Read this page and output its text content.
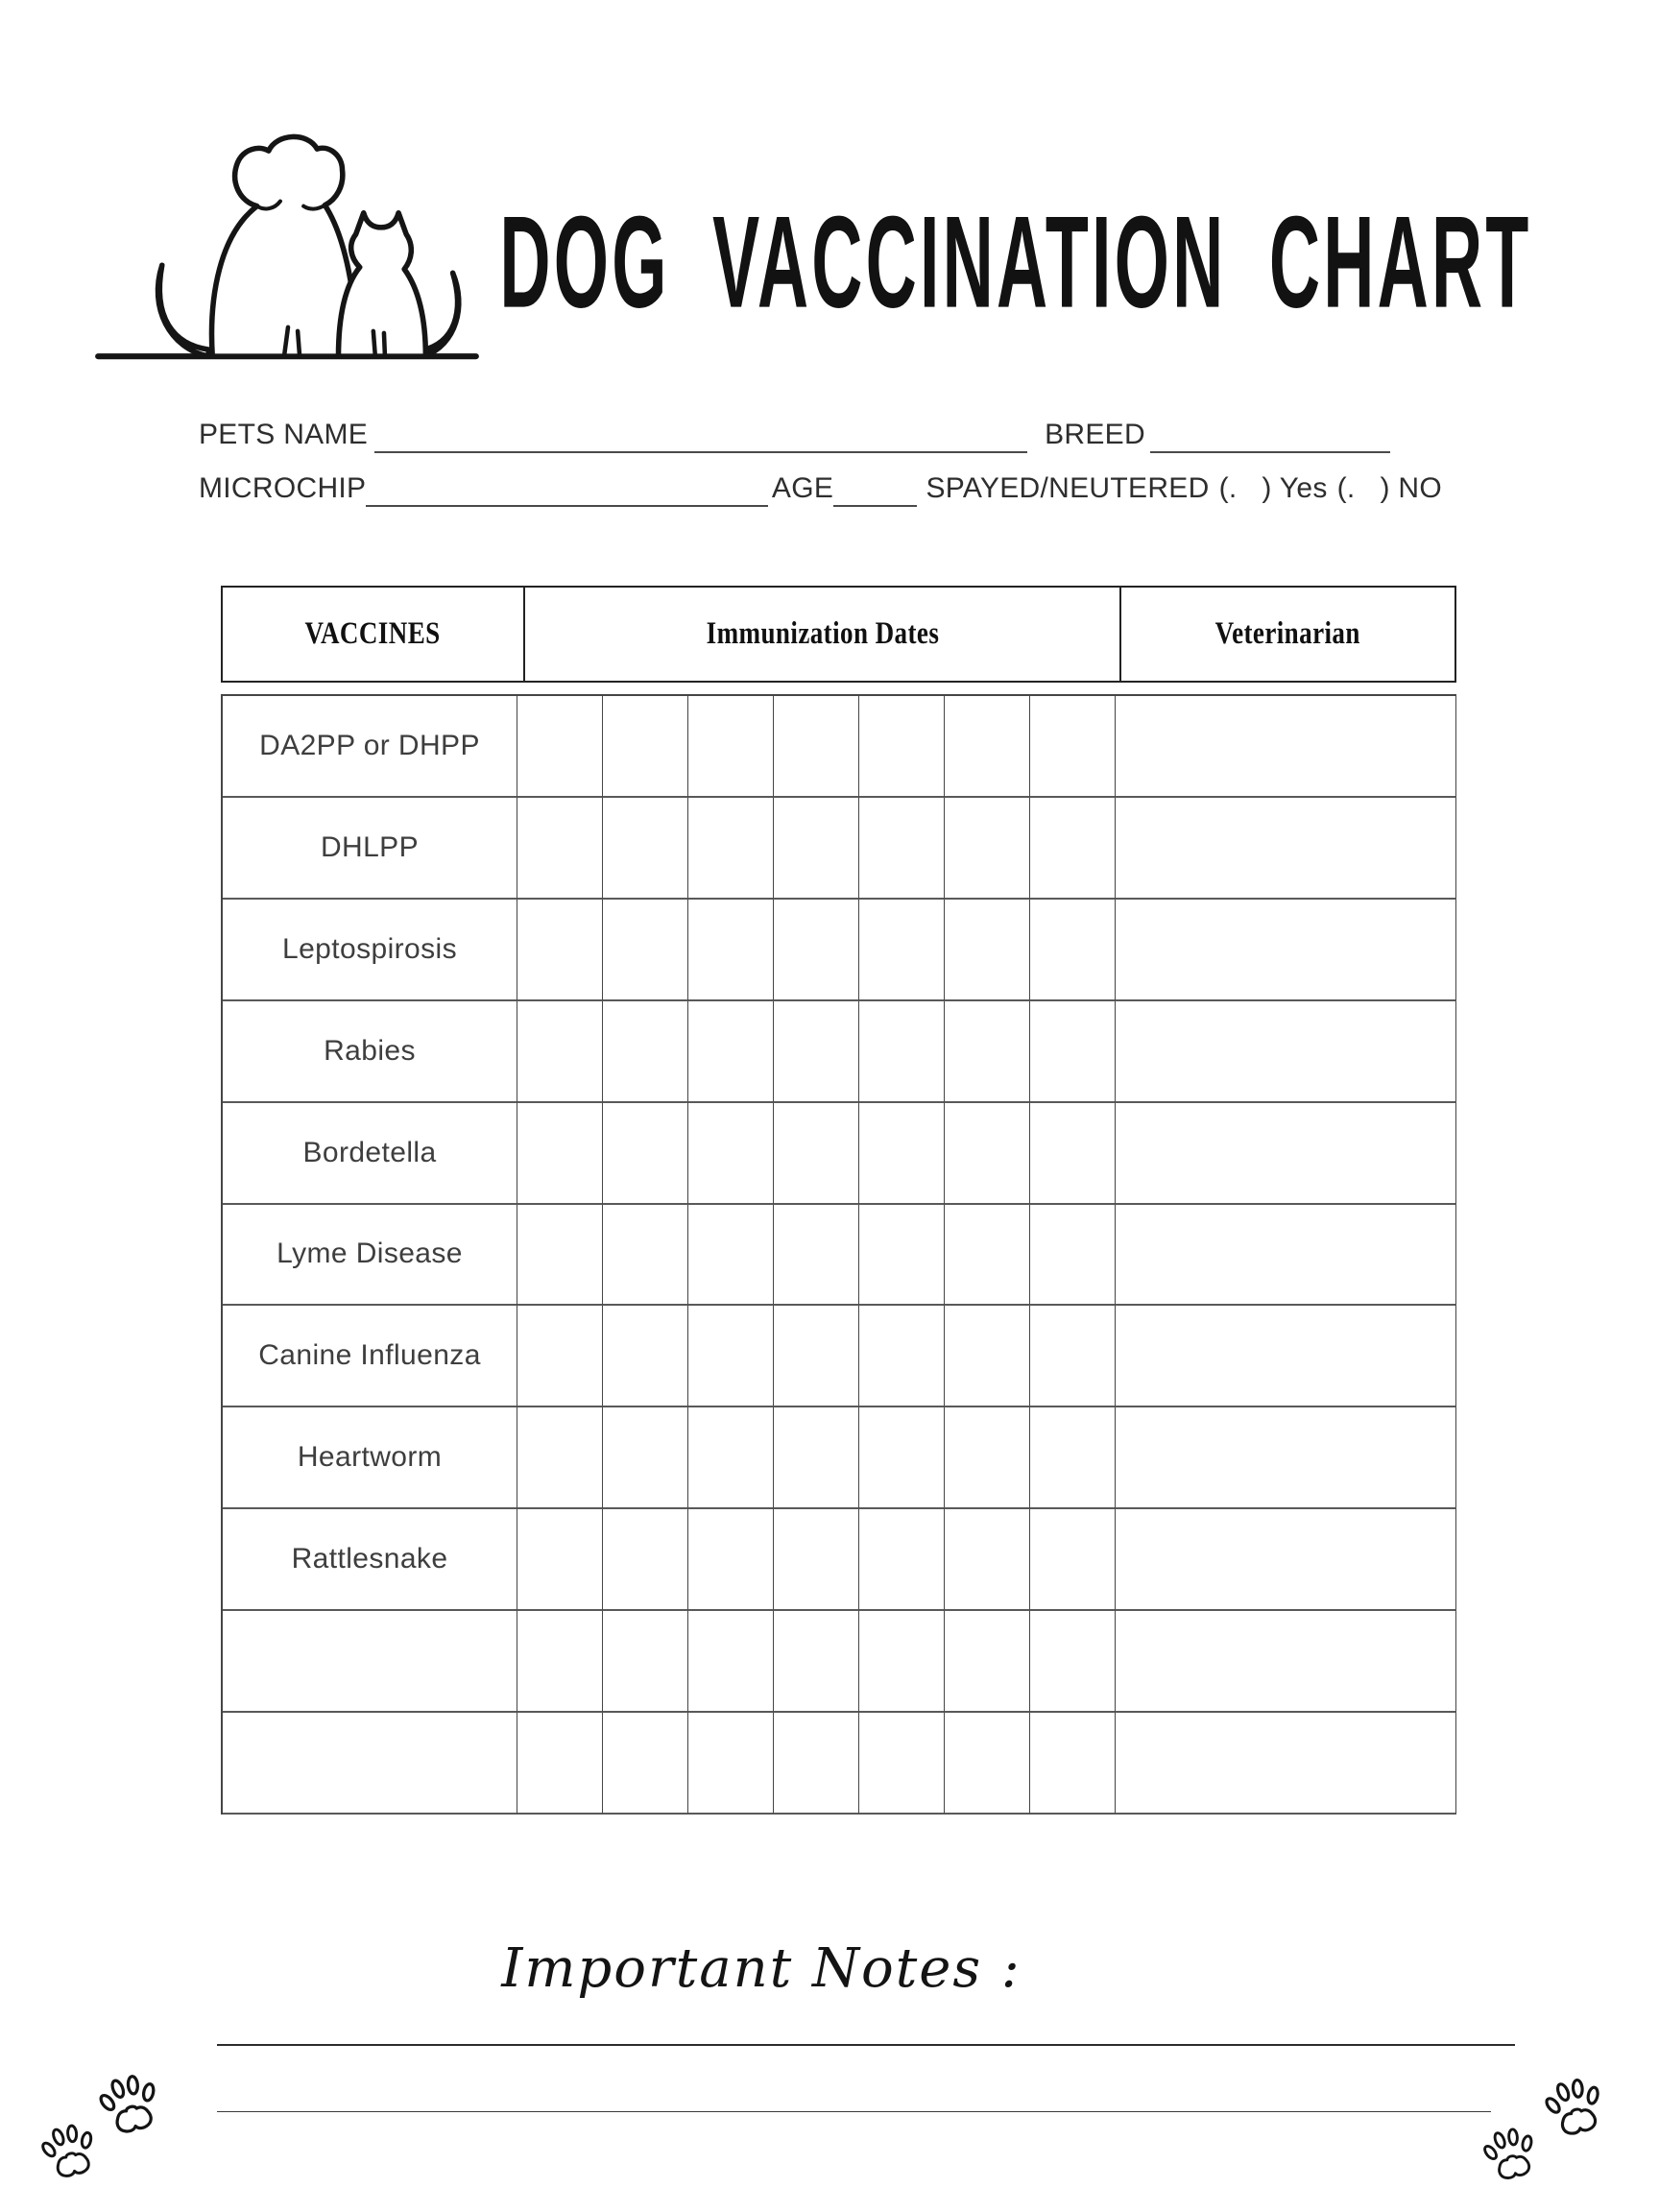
DOG VACCINATION CHART
PETS NAME	BREED
MICROCHIP	AGE	SPAYED/NEUTERED (.   ) Yes (.   ) NO
VACCINES	Immunization Dates	Veterinarian
DA2PP or DHPP
DHLPP
Leptospirosis
Rabies
Bordetella
Lyme Disease
Canine Influenza
Heartworm
Rattlesnake
Important Notes :
